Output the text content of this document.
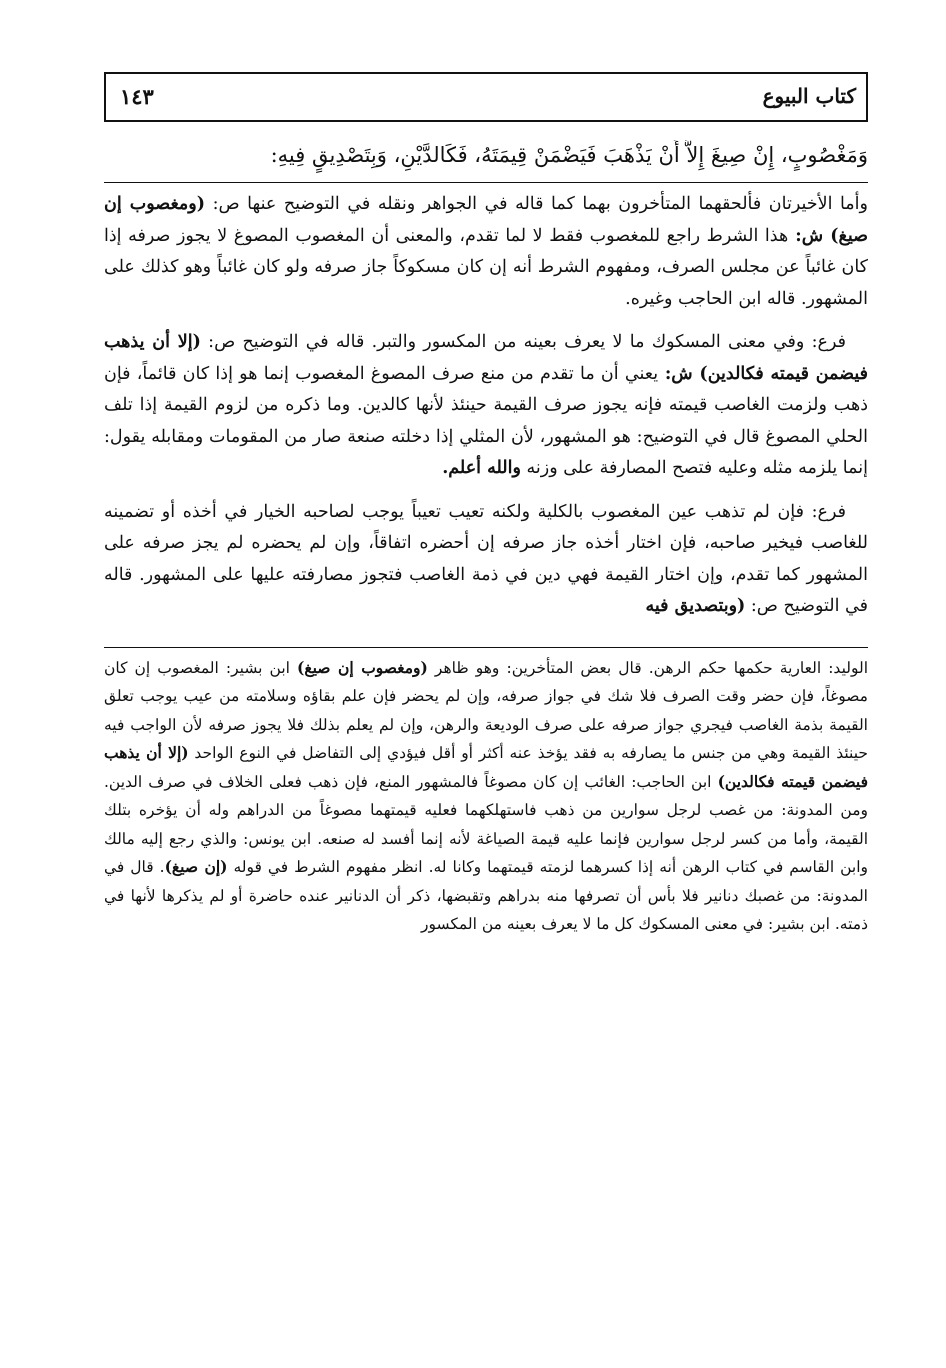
كتاب البيوع
١٤٣
وَمَغْصُوبٍ، إِنْ صِيغَ إِلاَّ أَنْ يَذْهَبَ فَيَضْمَنْ قِيمَتَهُ، فَكَالدَّيْنِ، وَبِتَصْدِيقٍ فِيهِ:

وأما الأخيرتان فألحقهما المتأخرون بهما كما قاله في الجواهر ونقله في التوضيح عنها ص: (ومغصوب إن صيغ) ش: هذا الشرط راجع للمغصوب فقط لا لما تقدم، والمعنى أن المغصوب المصوغ لا يجوز صرفه إذا كان غائباً عن مجلس الصرف، ومفهوم الشرط أنه إن كان مسكوكاً جاز صرفه ولو كان غائباً وهو كذلك على المشهور. قاله ابن الحاجب وغيره.

فرع: وفي معنى المسكوك ما لا يعرف بعينه من المكسور والتبر. قاله في التوضيح ص: (إلا أن يذهب فيضمن قيمته فكالدين) ش: يعني أن ما تقدم من منع صرف المصوغ المغصوب إنما هو إذا كان قائماً، فإن ذهب ولزمت الغاصب قيمته فإنه يجوز صرف القيمة حينئذ لأنها كالدين. وما ذكره من لزوم القيمة إذا تلف الحلي المصوغ قال في التوضيح: هو المشهور، لأن المثلي إذا دخلته صنعة صار من المقومات ومقابله يقول: إنما يلزمه مثله وعليه فتصح المصارفة على وزنه والله أعلم.

فرع: فإن لم تذهب عين المغصوب بالكلية ولكنه تعيب تعيباً يوجب لصاحبه الخيار في أخذه أو تضمينه للغاصب فيخير صاحبه، فإن اختار أخذه جاز صرفه إن أحضره اتفاقاً، وإن لم يحضره لم يجز صرفه على المشهور كما تقدم، وإن اختار القيمة فهي دين في ذمة الغاصب فتجوز مصارفته عليها على المشهور. قاله في التوضيح ص: (وبتصديق فيه

الوليد: العارية حكمها حكم الرهن. قال بعض المتأخرين: وهو ظاهر (ومغصوب إن صيغ) ابن بشير: المغصوب إن كان مصوغاً، فإن حضر وقت الصرف فلا شك في جواز صرفه، وإن لم يحضر فإن علم بقاؤه وسلامته من عيب يوجب تعلق القيمة بذمة الغاصب فيجري جواز صرفه على صرف الوديعة والرهن، وإن لم يعلم بذلك فلا يجوز صرفه لأن الواجب فيه حينئذ القيمة وهي من جنس ما يصارفه به فقد يؤخذ عنه أكثر أو أقل فيؤدي إلى التفاضل في النوع الواحد (إلا أن يذهب فيضمن قيمته فكالدين) ابن الحاجب: الغائب إن كان مصوغاً فالمشهور المنع، فإن ذهب فعلى الخلاف في صرف الدين. ومن المدونة: من غصب لرجل سوارين من ذهب فاستهلكهما فعليه قيمتهما مصوغاً من الدراهم وله أن يؤخره بتلك القيمة، وأما من كسر لرجل سوارين فإنما عليه قيمة الصياغة لأنه إنما أفسد له صنعه. ابن يونس: والذي رجع إليه مالك وابن القاسم في كتاب الرهن أنه إذا كسرهما لزمته قيمتهما وكانا له. انظر مفهوم الشرط في قوله (إن صيغ). قال في المدونة: من غصبك دنانير فلا بأس أن تصرفها منه بدراهم وتقبضها، ذكر أن الدنانير عنده حاضرة أو لم يذكرها لأنها في ذمته. ابن بشير: في معنى المسكوك كل ما لا يعرف بعينه من المكسور
